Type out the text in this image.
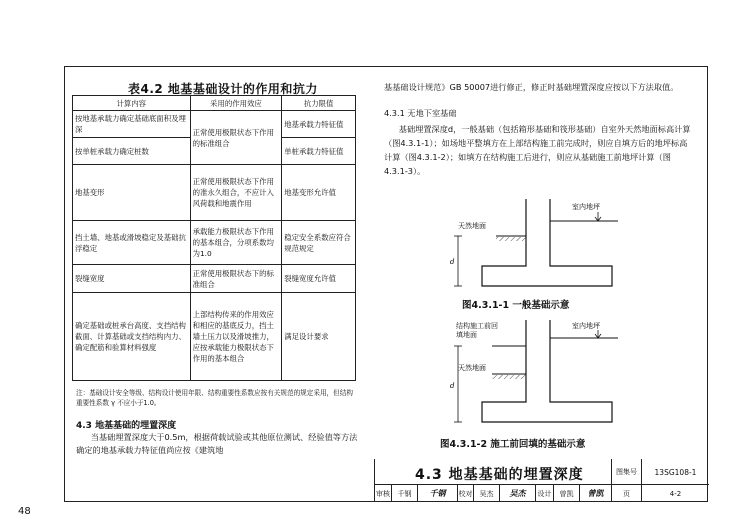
表4.2 地基基础设计的作用和抗力
计算内容	采用的作用效应	抗力限值
按地基承载力确定基础底面积及埋深	正常使用极限状态下作用的标准组合	地基承载力特征值
按单桩承载力确定桩数		单桩承载力特征值
地基变形	正常使用极限状态下作用的准永久组合，不应计入风荷载和地震作用	地基变形允许值
挡土墙、地基或滑坡稳定及基础抗浮稳定	承载能力极限状态下作用的基本组合，分项系数均为1.0	稳定安全系数应符合规范规定
裂缝宽度	正常使用极限状态下的标准组合	裂缝宽度允许值
确定基础或桩承台高度、支挡结构截面、计算基础或支挡结构内力、确定配筋和验算材料强度	上部结构传来的作用效应和相应的基底反力，挡土墙土压力以及滑坡推力，应按承载能力极限状态下作用的基本组合	满足设计要求
注：基础设计安全等级、结构设计使用年限、结构重要性系数应按有关规范的规定采用，但结构重要性系数 γ 不应小于1.0。
4.3 地基基础的埋置深度
当基础埋置深度大于0.5m，根据荷载试验或其他原位测试、经验值等方法确定的地基承载力特征值尚应按《建筑地
基基础设计规范》GB 50007进行修正，修正时基础埋置深度应按以下方法取值。
4.3.1 无地下室基础
基础埋置深度d，一般基础（包括箱形基础和筏形基础）自室外天然地面标高计算（图4.3.1-1）；如场地平整填方在上部结构施工前完成时，则应自填方后的地坪标高计算（图4.3.1-2）；如填方在结构施工后进行，则应从基础施工前地坪计算（图4.3.1-3）。
d
天然地面
室内地坪
图4.3.1-1 一般基础示意
d
室内地坪
天然地面
结构施工前回填地面
图4.3.1-2 施工前回填的基础示意
4.3 地基基础的埋置深度	图集号	13SG108-1
审核	千钢	千钢	校对	吴杰	吴杰	设计	曾凯	曾凯	页	4-2
48
